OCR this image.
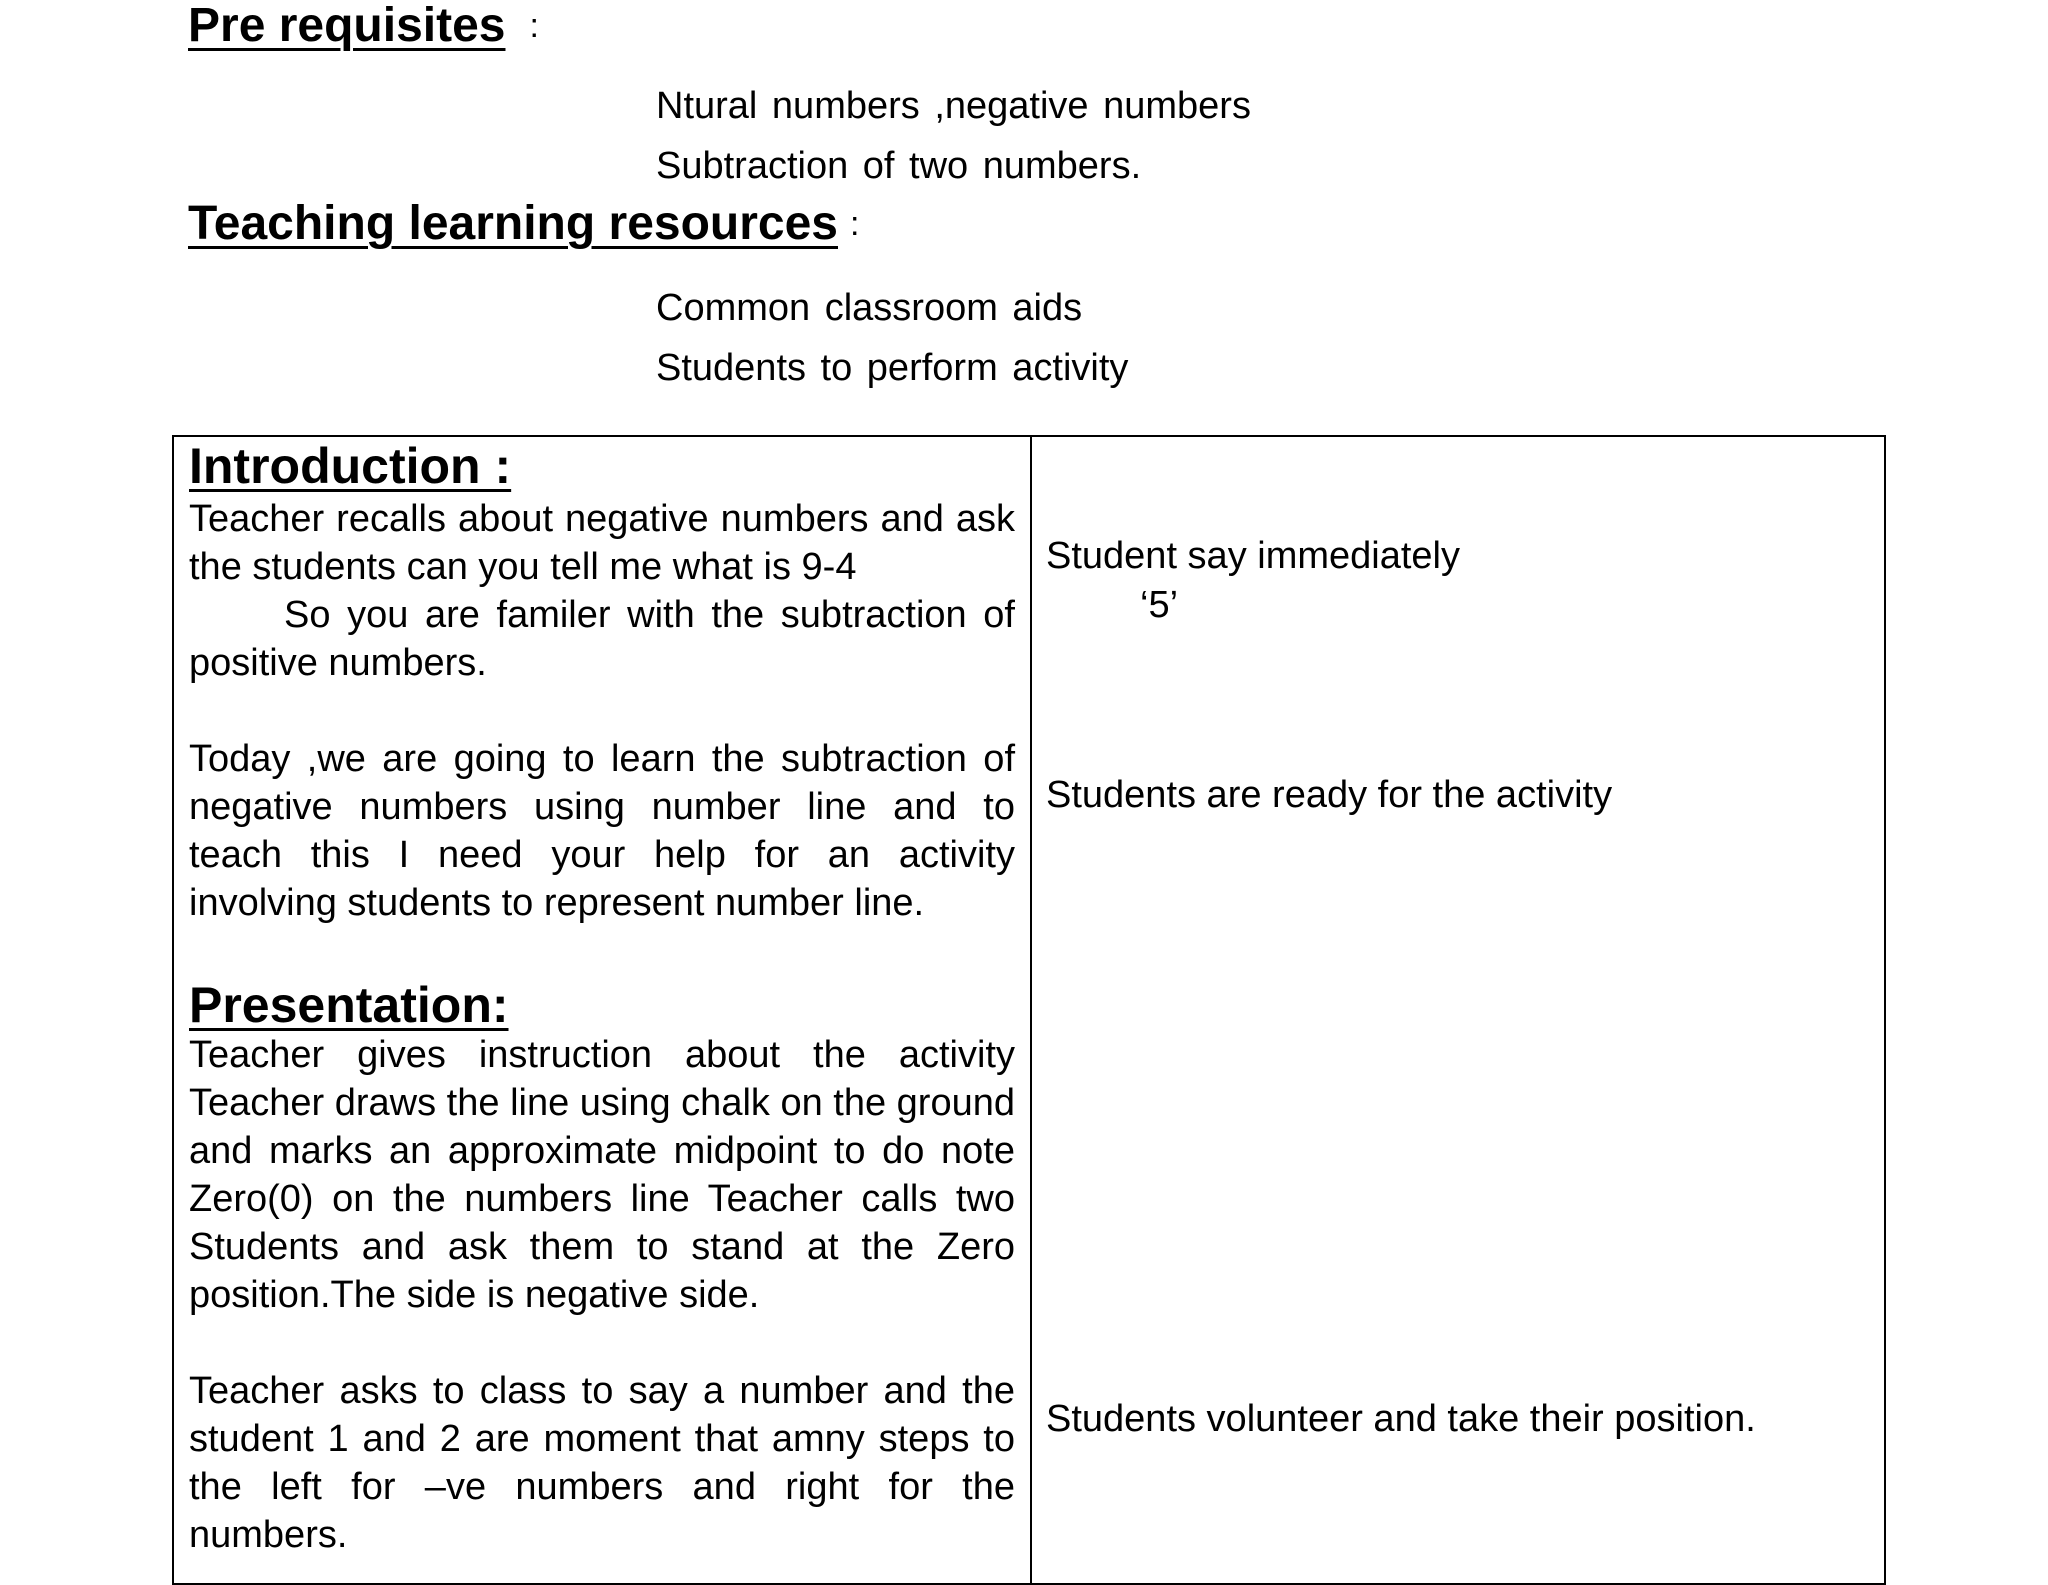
Pre requisites :
Ntural numbers ,negative numbers
Subtraction of two numbers.
Teaching learning resources :
Common classroom aids
Students to perform activity
Introduction :
Teacher recalls about negative numbers and ask the students can you tell me what is 9-4
So you are familer with the subtraction of positive numbers.
Today ,we are going to learn the subtraction of negative numbers using number line and to teach this I need your help for an activity involving students to represent number line.
Presentation:
Teacher gives instruction about the activity Teacher draws the line using chalk on the ground and marks an approximate midpoint to do note Zero(0) on the numbers line Teacher calls two Students and ask them to stand at the Zero position.The side is negative side.
Teacher asks to class to say a number and the student 1 and 2 are moment that amny steps to the left for –ve numbers and right for the numbers.
Student say immediately
‘5’
Students are ready for the activity
Students volunteer and take their position.
